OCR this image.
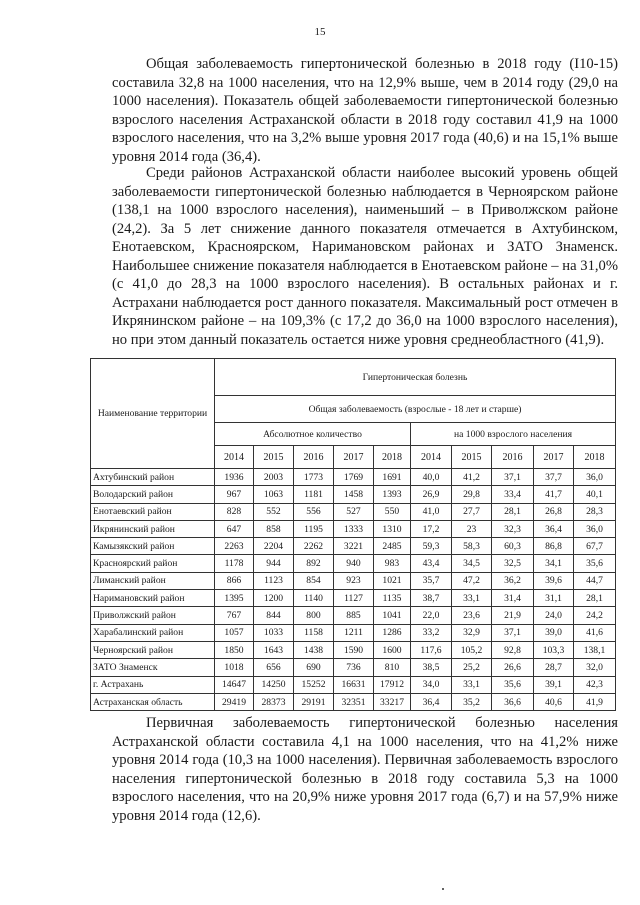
15

Общая заболеваемость гипертонической болезнью в 2018 году (I10-15) составила 32,8 на 1000 населения, что на 12,9% выше, чем в 2014 году (29,0 на 1000 населения). Показатель общей заболеваемости гипертонической болезнью взрослого населения Астраханской области в 2018 году составил 41,9 на 1000 взрослого населения, что на 3,2% выше уровня 2017 года (40,6) и на 15,1% выше уровня 2014 года (36,4).

Среди районов Астраханской области наиболее высокий уровень общей заболеваемости гипертонической болезнью наблюдается в Черноярском районе (138,1 на 1000 взрослого населения), наименьший – в Приволжском районе (24,2). За 5 лет снижение данного показателя отмечается в Ахтубинском, Енотаевском, Красноярском, Наримановском районах и ЗАТО Знаменск. Наибольшее снижение показателя наблюдается в Енотаевском районе – на 31,0% (с 41,0 до 28,3 на 1000 взрослого населения). В остальных районах и г. Астрахани наблюдается рост данного показателя. Максимальный рост отмечен в Икрянинском районе – на 109,3% (с 17,2 до 36,0 на 1000 взрослого населения), но при этом данный показатель остается ниже уровня среднеобластного (41,9).

Наименование территории	Гипертоническая болезнь									
	Общая заболеваемость (взрослые - 18 лет и старше)									
	Абсолютное количество					на 1000 взрослого населения				
	2014	2015	2016	2017	2018	2014	2015	2016	2017	2018
Ахтубинский район	1936	2003	1773	1769	1691	40,0	41,2	37,1	37,7	36,0
Володарский район	967	1063	1181	1458	1393	26,9	29,8	33,4	41,7	40,1
Енотаевский район	828	552	556	527	550	41,0	27,7	28,1	26,8	28,3
Икрянинский район	647	858	1195	1333	1310	17,2	23	32,3	36,4	36,0
Камызякский район	2263	2204	2262	3221	2485	59,3	58,3	60,3	86,8	67,7
Красноярский район	1178	944	892	940	983	43,4	34,5	32,5	34,1	35,6
Лиманский район	866	1123	854	923	1021	35,7	47,2	36,2	39,6	44,7
Наримановский район	1395	1200	1140	1127	1135	38,7	33,1	31,4	31,1	28,1
Приволжский район	767	844	800	885	1041	22,0	23,6	21,9	24,0	24,2
Харабалинский район	1057	1033	1158	1211	1286	33,2	32,9	37,1	39,0	41,6
Черноярский район	1850	1643	1438	1590	1600	117,6	105,2	92,8	103,3	138,1
ЗАТО Знаменск	1018	656	690	736	810	38,5	25,2	26,6	28,7	32,0
г. Астрахань	14647	14250	15252	16631	17912	34,0	33,1	35,6	39,1	42,3
Астраханская область	29419	28373	29191	32351	33217	36,4	35,2	36,6	40,6	41,9

Первичная заболеваемость гипертонической болезнью населения Астраханской области составила 4,1 на 1000 населения, что на 41,2% ниже уровня 2014 года (10,3 на 1000 населения). Первичная заболеваемость взрослого населения гипертонической болезнью в 2018 году составила 5,3 на 1000 взрослого населения, что на 20,9% ниже уровня 2017 года (6,7) и на 57,9% ниже уровня 2014 года (12,6).
